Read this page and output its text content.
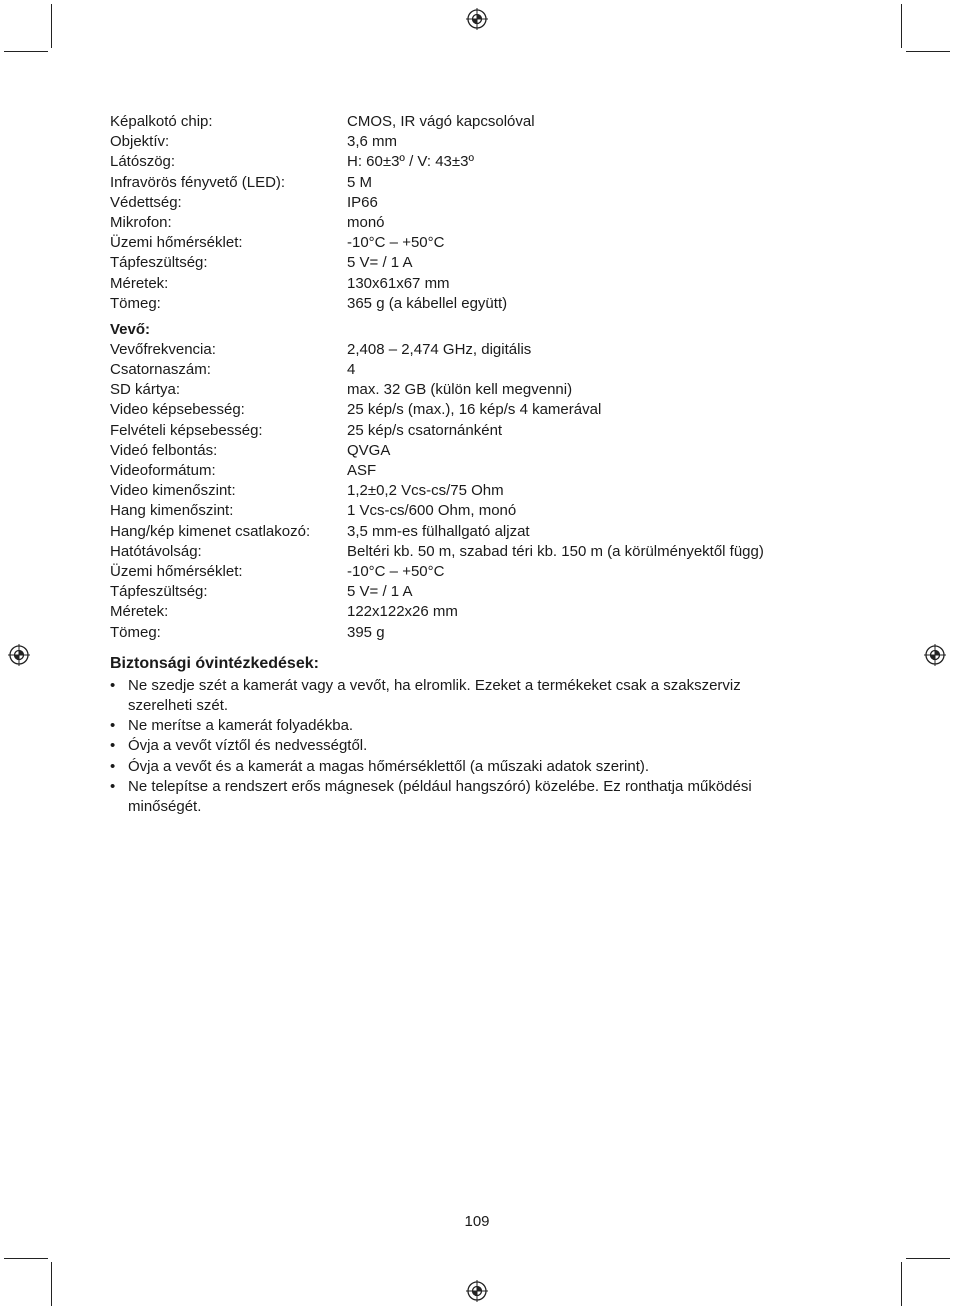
Képalkotó chip:	CMOS, IR vágó kapcsolóval
Objektív:	3,6 mm
Látószög:	H: 60±3º / V: 43±3º
Infravörös fényvető (LED):	5 M
Védettség:	IP66
Mikrofon:	monó
Üzemi hőmérséklet:	-10°C – +50°C
Tápfeszültség:	5 V= / 1 A
Méretek:	130x61x67 mm
Tömeg:	365 g (a kábellel együtt)
Vevő:
Vevőfrekvencia:	2,408 – 2,474 GHz, digitális
Csatornaszám:	4
SD kártya:	max. 32 GB (külön kell megvenni)
Video képsebesség:	25 kép/s (max.), 16 kép/s 4 kamerával
Felvételi képsebesség:	25 kép/s csatornánként
Videó felbontás:	QVGA
Videoformátum:	ASF
Video kimenőszint:	1,2±0,2 Vcs-cs/75 Ohm
Hang kimenőszint:	1 Vcs-cs/600 Ohm, monó
Hang/kép kimenet csatlakozó:	3,5 mm-es fülhallgató aljzat
Hatótávolság:	Beltéri kb. 50 m, szabad téri kb. 150 m (a körülményektől függ)
Üzemi hőmérséklet:	-10°C – +50°C
Tápfeszültség:	5 V= / 1 A
Méretek:	122x122x26 mm
Tömeg:	395 g
Biztonsági óvintézkedések:
• Ne szedje szét a kamerát vagy a vevőt, ha elromlik. Ezeket a termékeket csak a szakszerviz
szerelheti szét.
• Ne merítse a kamerát folyadékba.
• Óvja a vevőt víztől és nedvességtől.
• Óvja a vevőt és a kamerát a magas hőmérséklettől (a műszaki adatok szerint).
• Ne telepítse a rendszert erős mágnesek (például hangszóró) közelébe. Ez ronthatja működési
minőségét.
109
